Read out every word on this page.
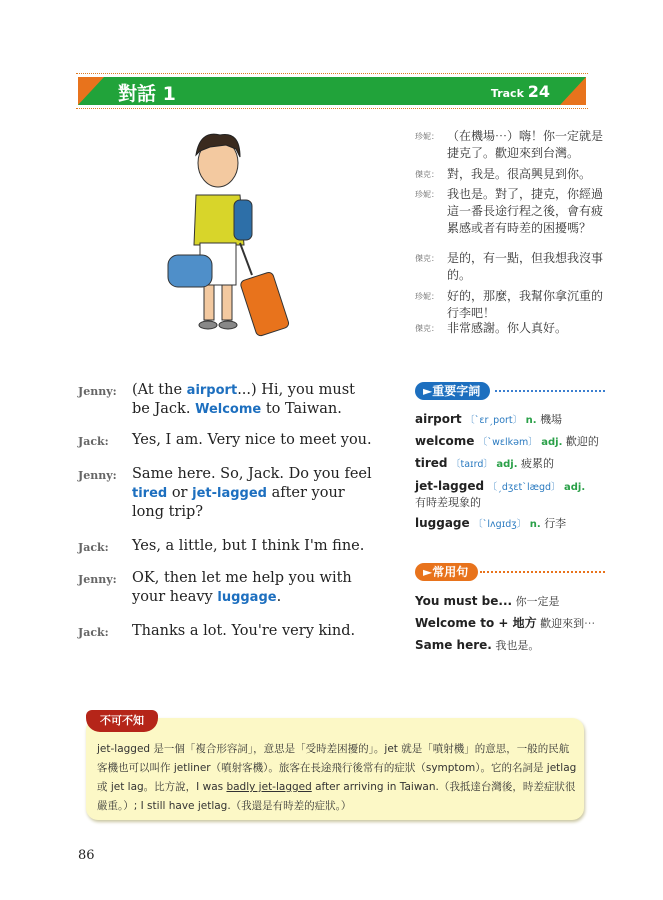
對話 1	Track 24
珍妮： （在機場⋯）嗨！你一定就是捷克了。歡迎來到台灣。
傑克： 對，我是。很高興見到你。
珍妮： 我也是。對了，捷克，你經過這一番長途行程之後，會有疲累感或者有時差的困擾嗎？
傑克： 是的，有一點，但我想我沒事的。
珍妮： 好的，那麼，我幫你拿沉重的行李吧！
傑克： 非常感謝。你人真好。
Jenny: (At the airport...) Hi, you must be Jack. Welcome to Taiwan.
Jack: Yes, I am. Very nice to meet you.
Jenny: Same here. So, Jack. Do you feel tired or jet-lagged after your long trip?
Jack: Yes, a little, but I think I'm fine.
Jenny: OK, then let me help you with your heavy luggage.
Jack: Thanks a lot. You're very kind.
►重要字詞
airport 〔ˋɛrˏport〕 n. 機場
welcome 〔ˋwɛlkəm〕 adj. 歡迎的
tired 〔taɪrd〕 adj. 疲累的
jet-lagged 〔ˏdʒɛtˋlægd〕 adj.
有時差現象的
luggage 〔ˋlʌgɪdʒ〕 n. 行李
►常用句
You must be... 你一定是
Welcome to + 地方 歡迎來到⋯
Same here. 我也是。
不可不知
jet-lagged 是一個「複合形容詞」，意思是「受時差困擾的」。jet 就是「噴射機」的意思，一般的民航客機也可以叫作 jetliner（噴射客機）。旅客在長途飛行後常有的症狀（symptom）。它的名詞是 jetlag 或 jet lag。比方說，I was badly jet-lagged after arriving in Taiwan.（我抵達台灣後，時差症狀很嚴重。）; I still have jetlag.（我還是有時差的症狀。）
86
